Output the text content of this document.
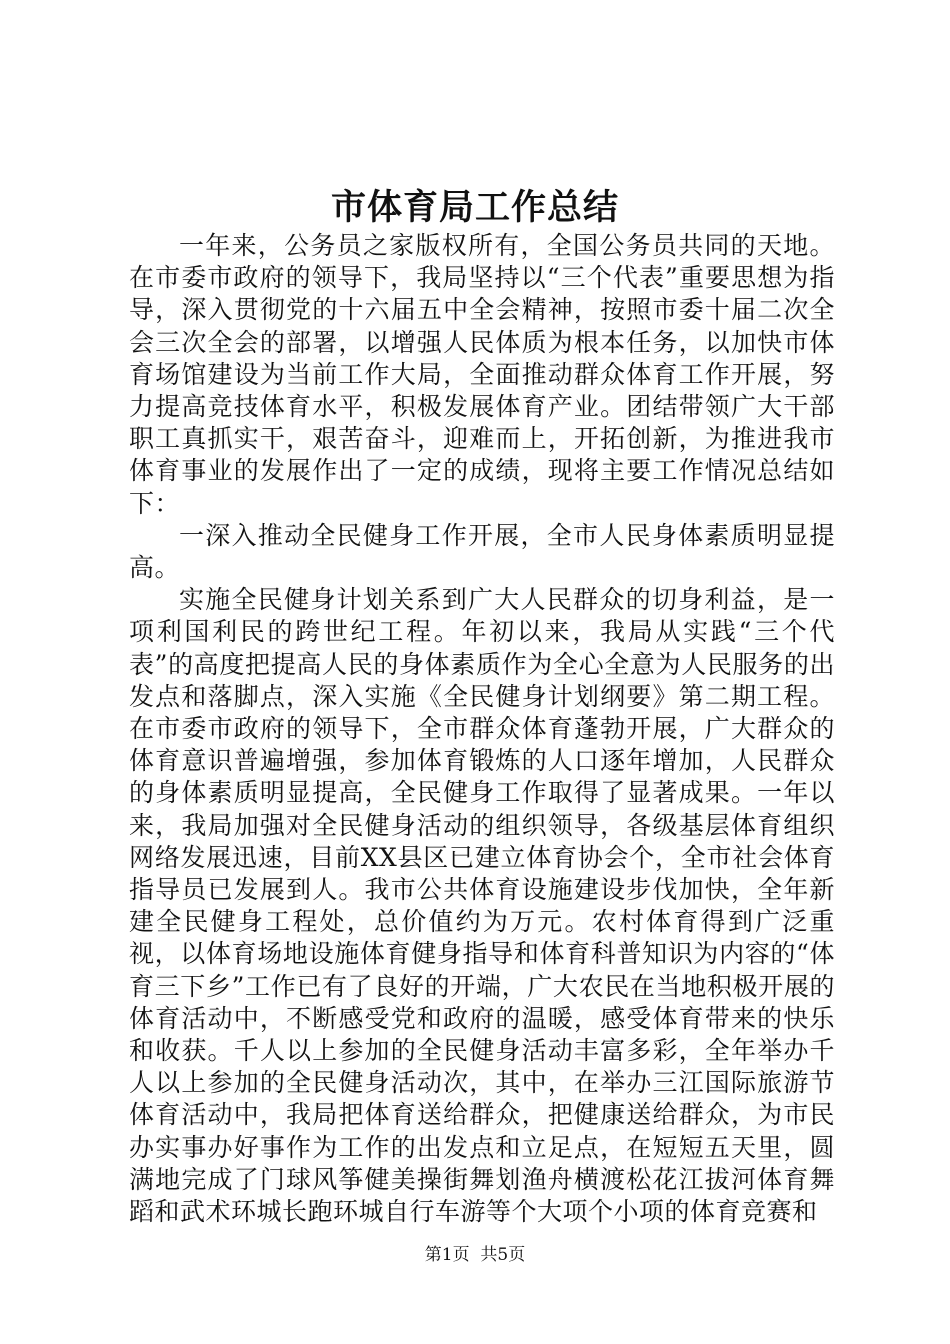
市体育局工作总结

一年来，公务员之家版权所有，全国公务员共同的天地。在市委市政府的领导下，我局坚持以“三个代表”重要思想为指导，深入贯彻党的十六届五中全会精神，按照市委十届二次全会三次全会的部署，以增强人民体质为根本任务，以加快市体育场馆建设为当前工作大局，全面推动群众体育工作开展，努力提高竞技体育水平，积极发展体育产业。团结带领广大干部职工真抓实干，艰苦奋斗，迎难而上，开拓创新，为推进我市体育事业的发展作出了一定的成绩，现将主要工作情况总结如下：

一深入推动全民健身工作开展，全市人民身体素质明显提高。

实施全民健身计划关系到广大人民群众的切身利益，是一项利国利民的跨世纪工程。年初以来，我局从实践“三个代表”的高度把提高人民的身体素质作为全心全意为人民服务的出发点和落脚点，深入实施《全民健身计划纲要》第二期工程。在市委市政府的领导下，全市群众体育蓬勃开展，广大群众的体育意识普遍增强，参加体育锻炼的人口逐年增加，人民群众的身体素质明显提高，全民健身工作取得了显著成果。一年以来，我局加强对全民健身活动的组织领导，各级基层体育组织网络发展迅速，目前XX县区已建立体育协会个，全市社会体育指导员已发展到人。我市公共体育设施建设步伐加快，全年新建全民健身工程处，总价值约为万元。农村体育得到广泛重视，以体育场地设施体育健身指导和体育科普知识为内容的“体育三下乡”工作已有了良好的开端，广大农民在当地积极开展的体育活动中，不断感受党和政府的温暖，感受体育带来的快乐和收获。千人以上参加的全民健身活动丰富多彩，全年举办千人以上参加的全民健身活动次，其中，在举办三江国际旅游节体育活动中，我局把体育送给群众，把健康送给群众，为市民办实事办好事作为工作的出发点和立足点，在短短五天里，圆满地完成了门球风筝健美操街舞划渔舟横渡松花江拔河体育舞蹈和武术环城长跑环城自行车游等个大项个小项的体育竞赛和

第1页  共5页
